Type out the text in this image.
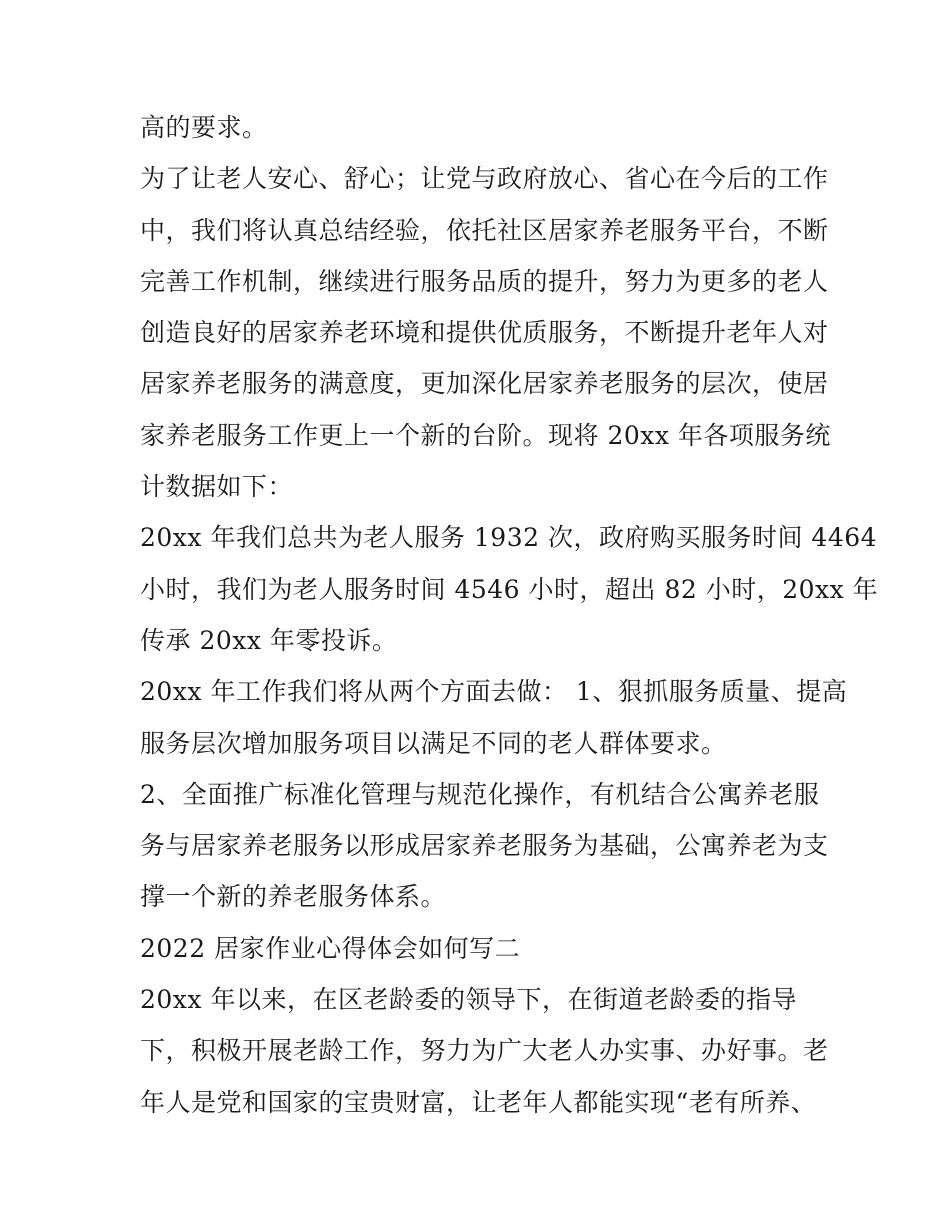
高的要求。
为了让老人安心、舒心；让党与政府放心、省心在今后的工作
中，我们将认真总结经验，依托社区居家养老服务平台，不断
完善工作机制，继续进行服务品质的提升，努力为更多的老人
创造良好的居家养老环境和提供优质服务，不断提升老年人对
居家养老服务的满意度，更加深化居家养老服务的层次，使居
家养老服务工作更上一个新的台阶。现将 20xx 年各项服务统
计数据如下：
20xx 年我们总共为老人服务 1932 次，政府购买服务时间 4464
小时，我们为老人服务时间 4546 小时，超出 82 小时，20xx 年
传承 20xx 年零投诉。
20xx 年工作我们将从两个方面去做： 1、狠抓服务质量、提高
服务层次增加服务项目以满足不同的老人群体要求。
2、全面推广标准化管理与规范化操作，有机结合公寓养老服
务与居家养老服务以形成居家养老服务为基础，公寓养老为支
撑一个新的养老服务体系。
2022 居家作业心得体会如何写二
20xx 年以来，在区老龄委的领导下，在街道老龄委的指导
下，积极开展老龄工作，努力为广大老人办实事、办好事。老
年人是党和国家的宝贵财富，让老年人都能实现“老有所养、
